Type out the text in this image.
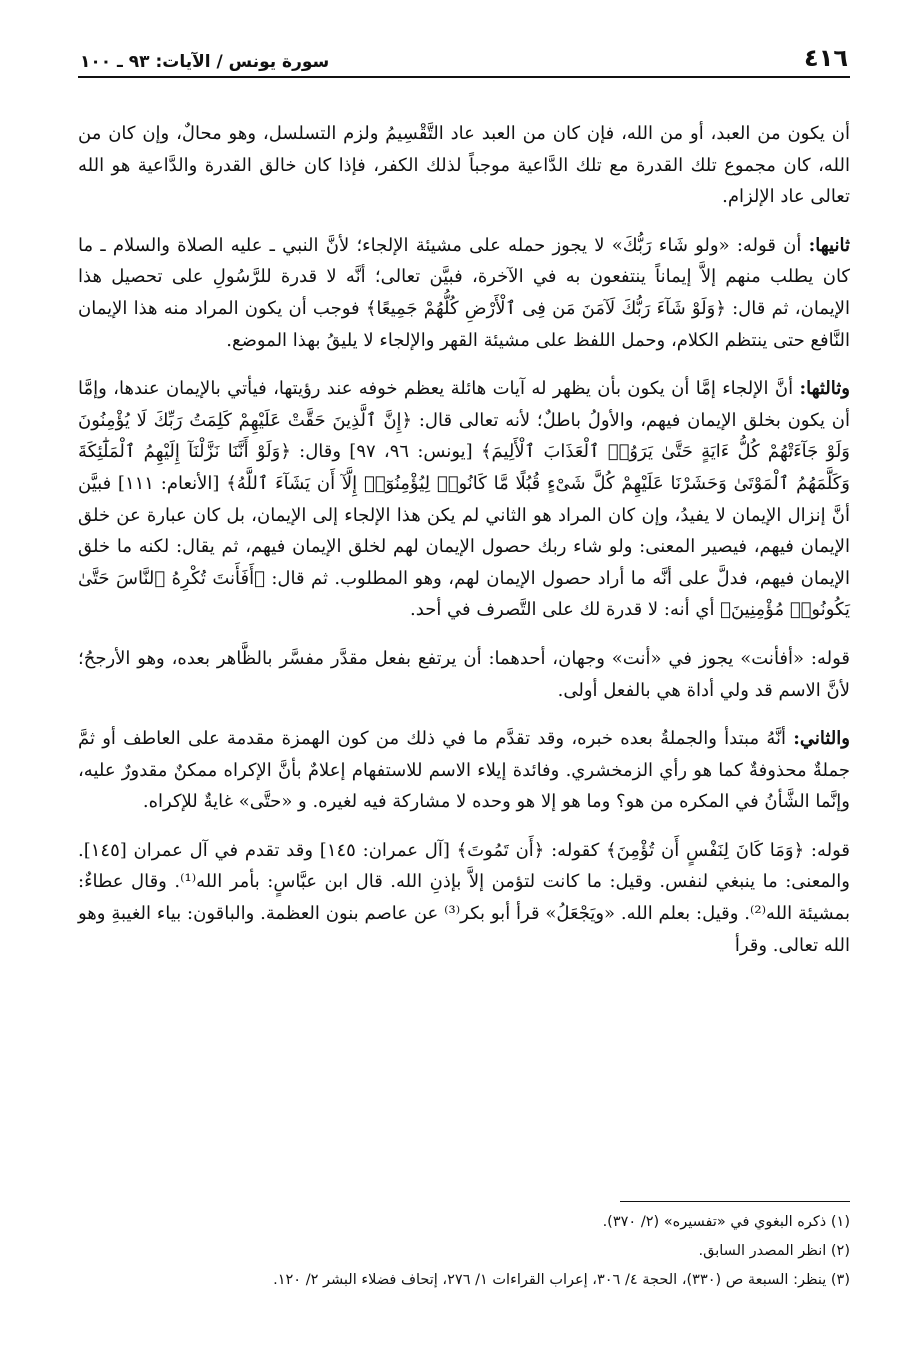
٤١٦
سورة يونس / الآيات: ٩٣ ـ ١٠٠

أن يكون من العبد، أو من الله، فإن كان من العبد عاد التَّقْسِيمُ ولزم التسلسل، وهو محالٌ، وإن كان من الله، كان مجموع تلك القدرة مع تلك الدَّاعية موجباً لذلك الكفر، فإذا كان خالق القدرة والدَّاعية هو الله تعالى عاد الإلزام.

ثانيها: أن قوله: «ولو شَاء رَبُّكَ» لا يجوز حمله على مشيئة الإلجاء؛ لأنَّ النبي ـ عليه الصلاة والسلام ـ ما كان يطلب منهم إلاَّ إيماناً ينتفعون به في الآخرة، فبيَّن تعالى؛ أنَّه لا قدرة للرَّسُولِ على تحصيل هذا الإيمان، ثم قال: ﴿وَلَوْ شَآءَ رَبُّكَ لَآمَنَ مَن فِى ٱلْأَرْضِ كُلُّهُمْ جَمِيعًا﴾ فوجب أن يكون المراد منه هذا الإيمان النَّافع حتى ينتظم الكلام، وحمل اللفظ على مشيئة القهر والإلجاء لا يليقُ بهذا الموضع.

وثالثها: أنَّ الإلجاء إمَّا أن يكون بأن يظهر له آيات هائلة يعظم خوفه عند رؤيتها، فيأتي بالإيمان عندها، وإمَّا أن يكون بخلق الإيمان فيهم، والأولُ باطلٌ؛ لأنه تعالى قال: ﴿إِنَّ ٱلَّذِينَ حَقَّتْ عَلَيْهِمْ كَلِمَتُ رَبِّكَ لَا يُؤْمِنُونَ وَلَوْ جَآءَتْهُمْ كُلُّ ءَايَةٍ حَتَّىٰ يَرَوُا۟ ٱلْعَذَابَ ٱلْأَلِيمَ﴾ [يونس: ٩٦، ٩٧] وقال: ﴿وَلَوْ أَنَّنَا نَزَّلْنَآ إِلَيْهِمُ ٱلْمَلَٰٓئِكَةَ وَكَلَّمَهُمُ ٱلْمَوْتَىٰ وَحَشَرْنَا عَلَيْهِمْ كُلَّ شَىْءٍ قُبُلًا مَّا كَانُوا۟ لِيُؤْمِنُوٓا۟ إِلَّآ أَن يَشَآءَ ٱللَّهُ﴾ [الأنعام: ١١١] فبيَّن أنَّ إنزال الإيمان لا يفيدُ، وإن كان المراد هو الثاني لم يكن هذا الإلجاء إلى الإيمان، بل كان عبارة عن خلق الإيمان فيهم، فيصير المعنى: ولو شاء ربك حصول الإيمان لهم لخلق الإيمان فيهم، ثم يقال: لكنه ما خلق الإيمان فيهم، فدلَّ على أنَّه ما أراد حصول الإيمان لهم، وهو المطلوب. ثم قال: ﴿أَفَأَنتَ تُكْرِهُ ٱلنَّاسَ حَتَّىٰ يَكُونُوا۟ مُؤْمِنِينَ﴾ أي أنه: لا قدرة لك على التَّصرف في أحد.

قوله: «أفأنت» يجوز في «أنت» وجهان، أحدهما: أن يرتفع بفعل مقدَّر مفسَّر بالظَّاهر بعده، وهو الأرجحُ؛ لأنَّ الاسم قد ولي أداة هي بالفعل أولى.

والثاني: أنَّهُ مبتدأ والجملةُ بعده خبره، وقد تقدَّم ما في ذلك من كون الهمزة مقدمة على العاطف أو ثمَّ جملةٌ محذوفةٌ كما هو رأي الزمخشري. وفائدة إيلاء الاسم للاستفهام إعلامٌ بأنَّ الإكراه ممكنٌ مقدورٌ عليه، وإنَّما الشَّأنُ في المكره من هو؟ وما هو إلا هو وحده لا مشاركة فيه لغيره. و «حتَّى» غايةٌ للإكراه.

قوله: ﴿وَمَا كَانَ لِنَفْسٍ أَن تُؤْمِنَ﴾ كقوله: ﴿أَن تَمُوتَ﴾ [آل عمران: ١٤٥] وقد تقدم في آل عمران [١٤٥]. والمعنى: ما ينبغي لنفس. وقيل: ما كانت لتؤمن إلاَّ بإذنِ الله. قال ابن عبَّاسٍ: بأمر الله⁽¹⁾. وقال عطاءٌ: بمشيئة الله⁽²⁾. وقيل: بعلم الله. «ويَجْعَلُ» قرأ أبو بكر⁽³⁾ عن عاصم بنون العظمة. والباقون: بياء الغيبةِ وهو الله تعالى. وقرأ

(١) ذكره البغوي في «تفسيره» (٢/ ٣٧٠).

(٢) انظر المصدر السابق.

(٣) ينظر: السبعة ص (٣٣٠)، الحجة ٤/ ٣٠٦، إعراب القراءات ١/ ٢٧٦، إتحاف فضلاء البشر ٢/ ١٢٠.
